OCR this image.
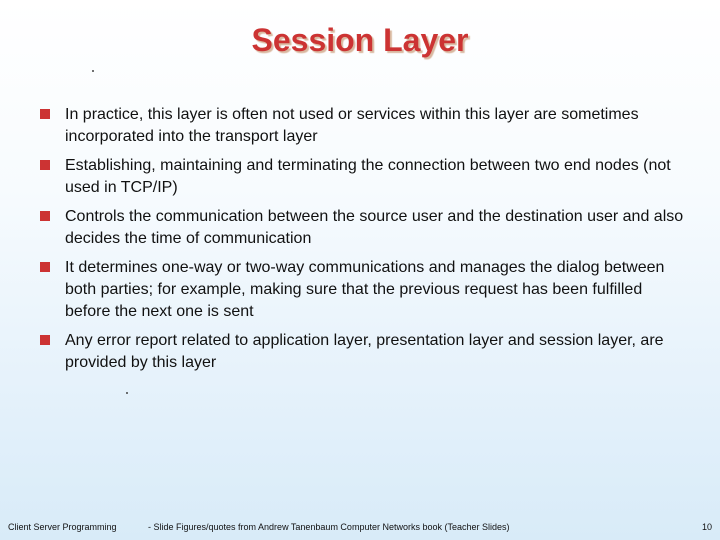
Session Layer
In practice, this layer is often not used or services within this layer are sometimes incorporated into the transport layer
Establishing, maintaining and terminating the connection between two end nodes (not used in TCP/IP)
Controls the communication between the source user and the destination user and also decides the time of communication
It determines one-way or two-way communications and manages the dialog between both parties; for example, making sure that the previous request has been fulfilled before the next one is sent
Any error report related to application layer, presentation layer and session layer, are provided by this layer
Client Server Programming	- Slide Figures/quotes from Andrew Tanenbaum Computer Networks book (Teacher Slides)	10
